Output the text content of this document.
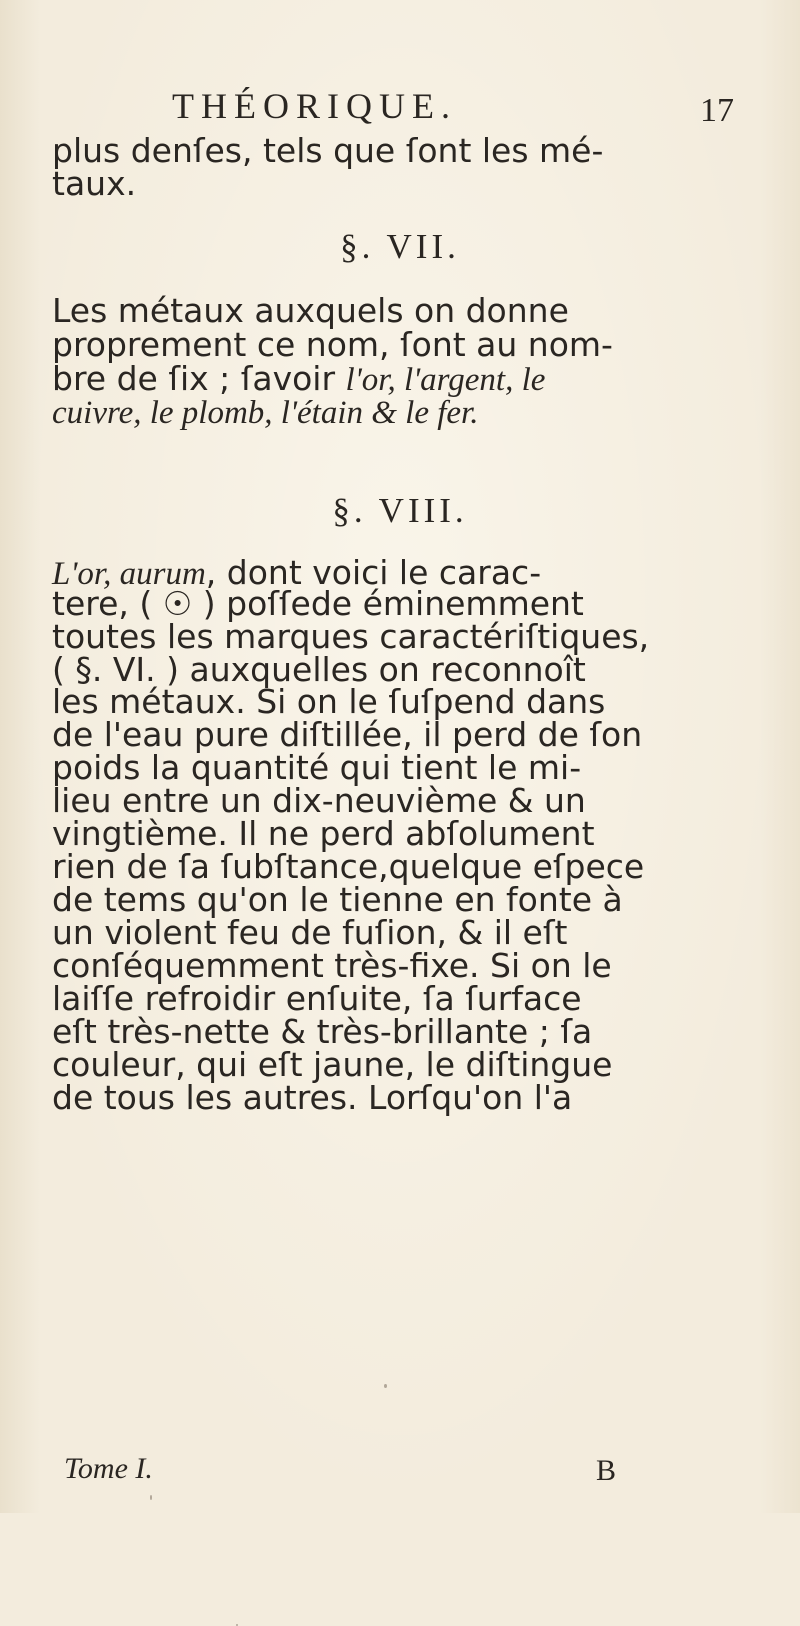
THÉORIQUE.	17
plus denſes, tels que ſont les mé-
taux.
§. VII.
Les métaux auxquels on donne
proprement ce nom, ſont au nom-
bre de ſix ; ſavoir l'or, l'argent, le
cuivre, le plomb, l'étain & le fer.
§. VIII.
L'or, aurum, dont voici le carac-
tere, ( ☉ ) poſſede éminemment
toutes les marques caractériſtiques,
( §. VI. ) auxquelles on reconnoît
les métaux. Si on le ſuſpend dans
de l'eau pure diſtillée, il perd de ſon
poids la quantité qui tient le mi-
lieu entre un dix-neuvième & un
vingtième. Il ne perd abſolument
rien de ſa ſubſtance,quelque eſpece
de tems qu'on le tienne en fonte à
un violent feu de fuſion, & il eſt
conſéquemment très-fixe. Si on le
laiſſe refroidir enſuite, ſa ſurface
eſt très-nette & très-brillante ; ſa
couleur, qui eſt jaune, le diſtingue
de tous les autres. Lorſqu'on l'a
Tome I.	B
